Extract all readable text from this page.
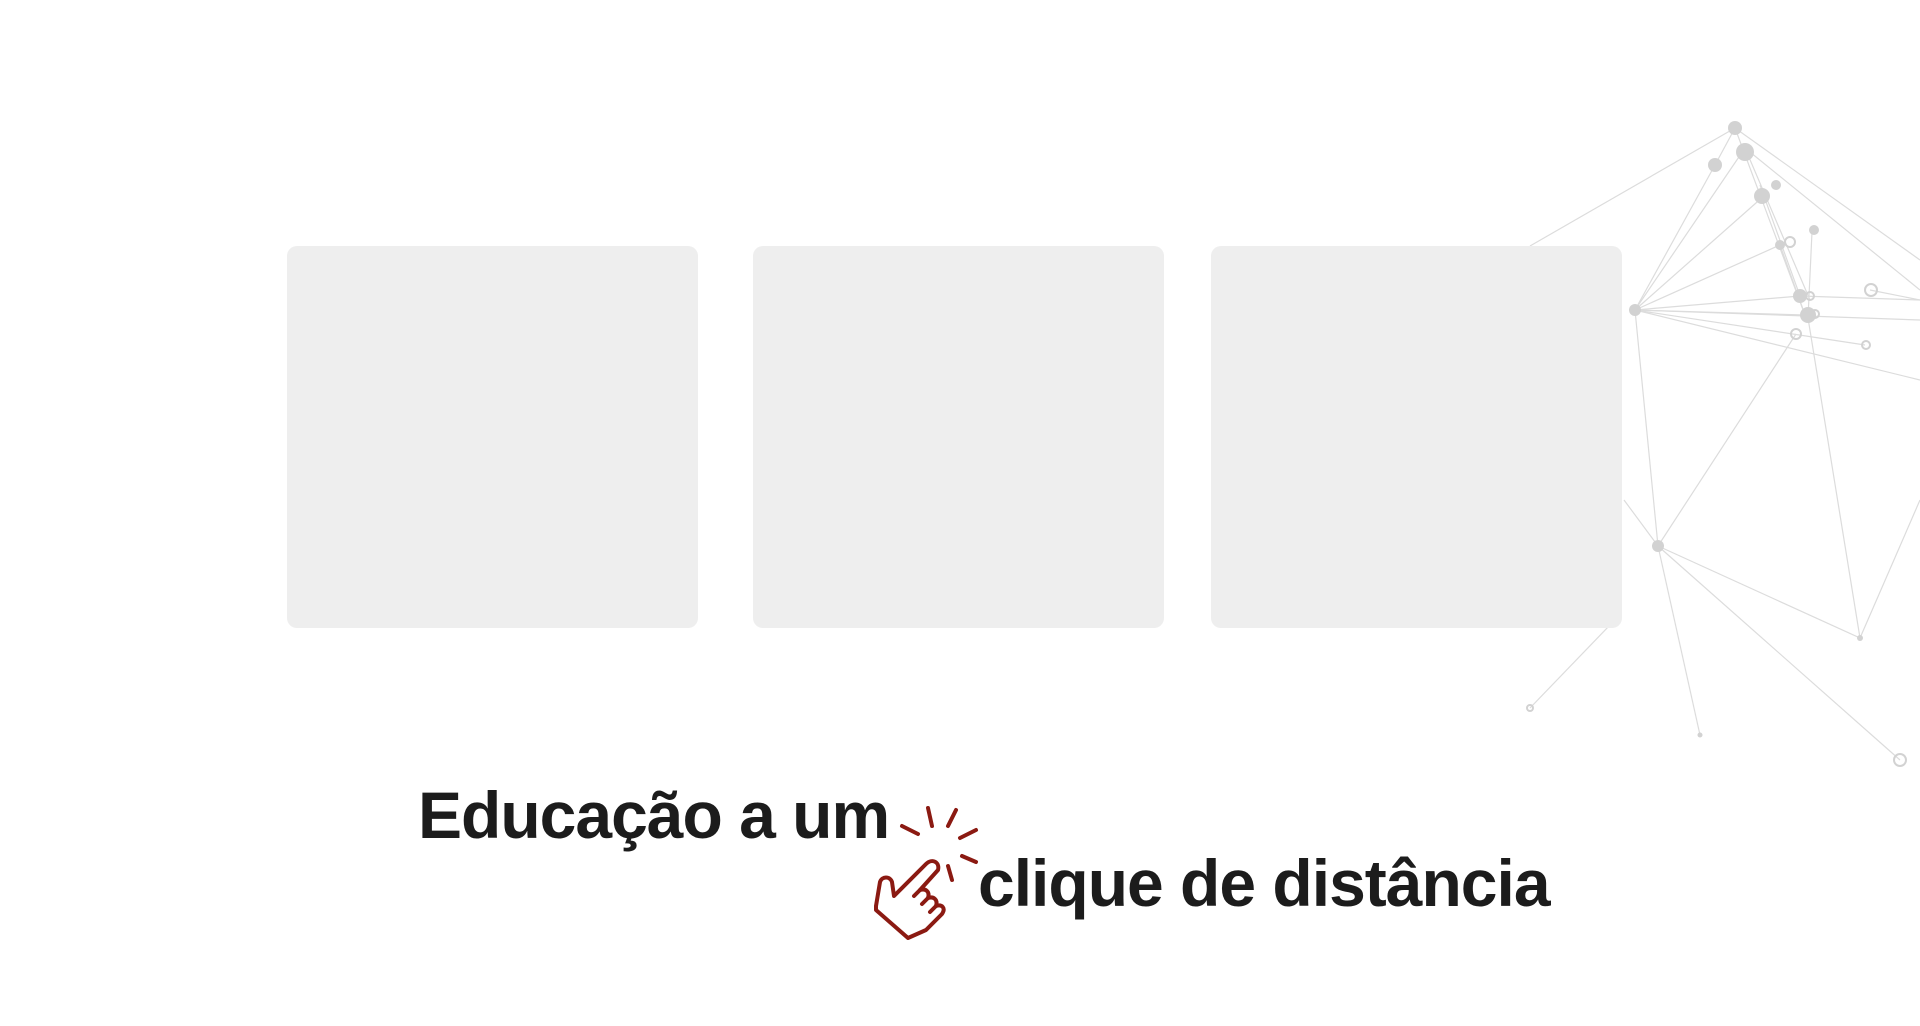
Educação a um
clique de distância
